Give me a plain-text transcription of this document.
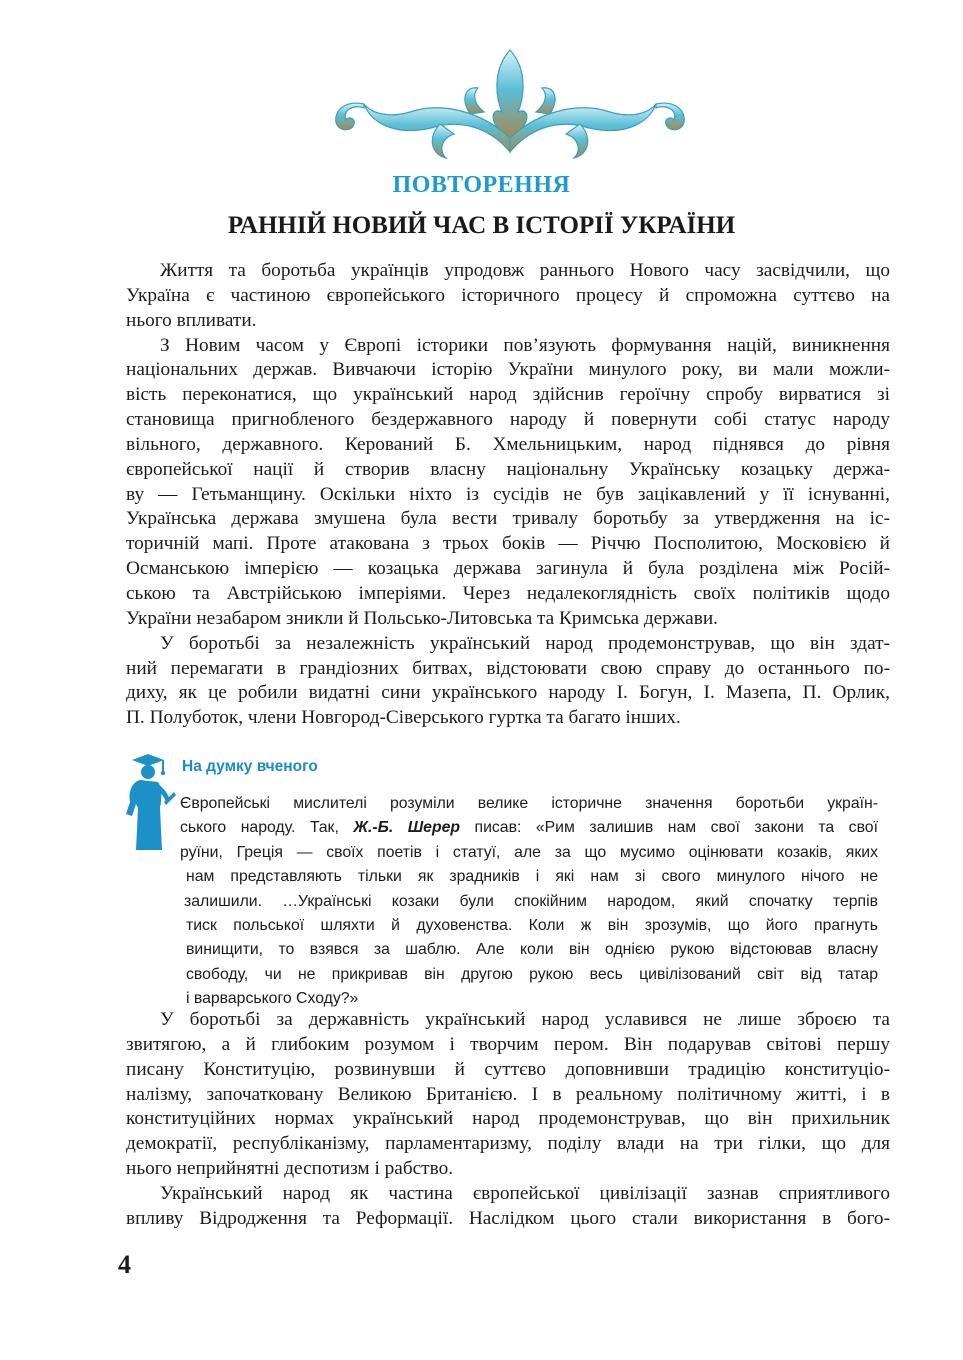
ПОВТОРЕННЯ
РАННІЙ НОВИЙ ЧАС В ІСТОРІЇ УКРАЇНИ
Життя та боротьба українців упродовж раннього Нового часу засвідчили, що
Україна є частиною європейського історичного процесу й спроможна суттєво на
нього впливати.
З Новим часом у Європі історики пов’язують формування націй, виникнення
національних держав. Вивчаючи історію України минулого року, ви мали можли-
вість переконатися, що український народ здійснив героїчну спробу вирватися зі
становища пригнобленого бездержавного народу й повернути собі статус народу
вільного, державного. Керований Б. Хмельницьким, народ піднявся до рівня
європейської нації й створив власну національну Українську козацьку держа-
ву — Гетьманщину. Оскільки ніхто із сусідів не був зацікавлений у її існуванні,
Українська держава змушена була вести тривалу боротьбу за утвердження на іс-
торичній мапі. Проте атакована з трьох боків — Річчю Посполитою, Московією й
Османською імперією — козацька держава загинула й була розділена між Росій-
ською та Австрійською імперіями. Через недалекоглядність своїх політиків щодо
України незабаром зникли й Польсько-Литовська та Кримська держави.
У боротьбі за незалежність український народ продемонстрував, що він здат-
ний перемагати в грандіозних битвах, відстоювати свою справу до останнього по-
диху, як це робили видатні сини українського народу І. Богун, І. Мазепа, П. Орлик,
П. Полуботок, члени Новгород-Сіверського гуртка та багато інших.
На думку вченого
Європейські мислителі розуміли велике історичне значення боротьби україн-
ського народу. Так, Ж.-Б. Шерер писав: «Рим залишив нам свої закони та свої
руїни, Греція — своїх поетів і статуї, але за що мусимо оцінювати козаків, яких
нам представляють тільки як зрадників і які нам зі свого минулого нічого не
залишили. …Українські козаки були спокійним народом, який спочатку терпів
тиск польської шляхти й духовенства. Коли ж він зрозумів, що його прагнуть
винищити, то взявся за шаблю. Але коли він однією рукою відстоював власну
свободу, чи не прикривав він другою рукою весь цивілізований світ від татар
і варварського Сходу?»
У боротьбі за державність український народ уславився не лише зброєю та
звитягою, а й глибоким розумом і творчим пером. Він подарував світові першу
писану Конституцію, розвинувши й суттєво доповнивши традицію конституціо-
налізму, започатковану Великою Британією. І в реальному політичному житті, і в
конституційних нормах український народ продемонстрував, що він прихильник
демократії, республіканізму, парламентаризму, поділу влади на три гілки, що для
нього неприйнятні деспотизм і рабство.
Український народ як частина європейської цивілізації зазнав сприятливого
впливу Відродження та Реформації. Наслідком цього стали використання в бого-
4
